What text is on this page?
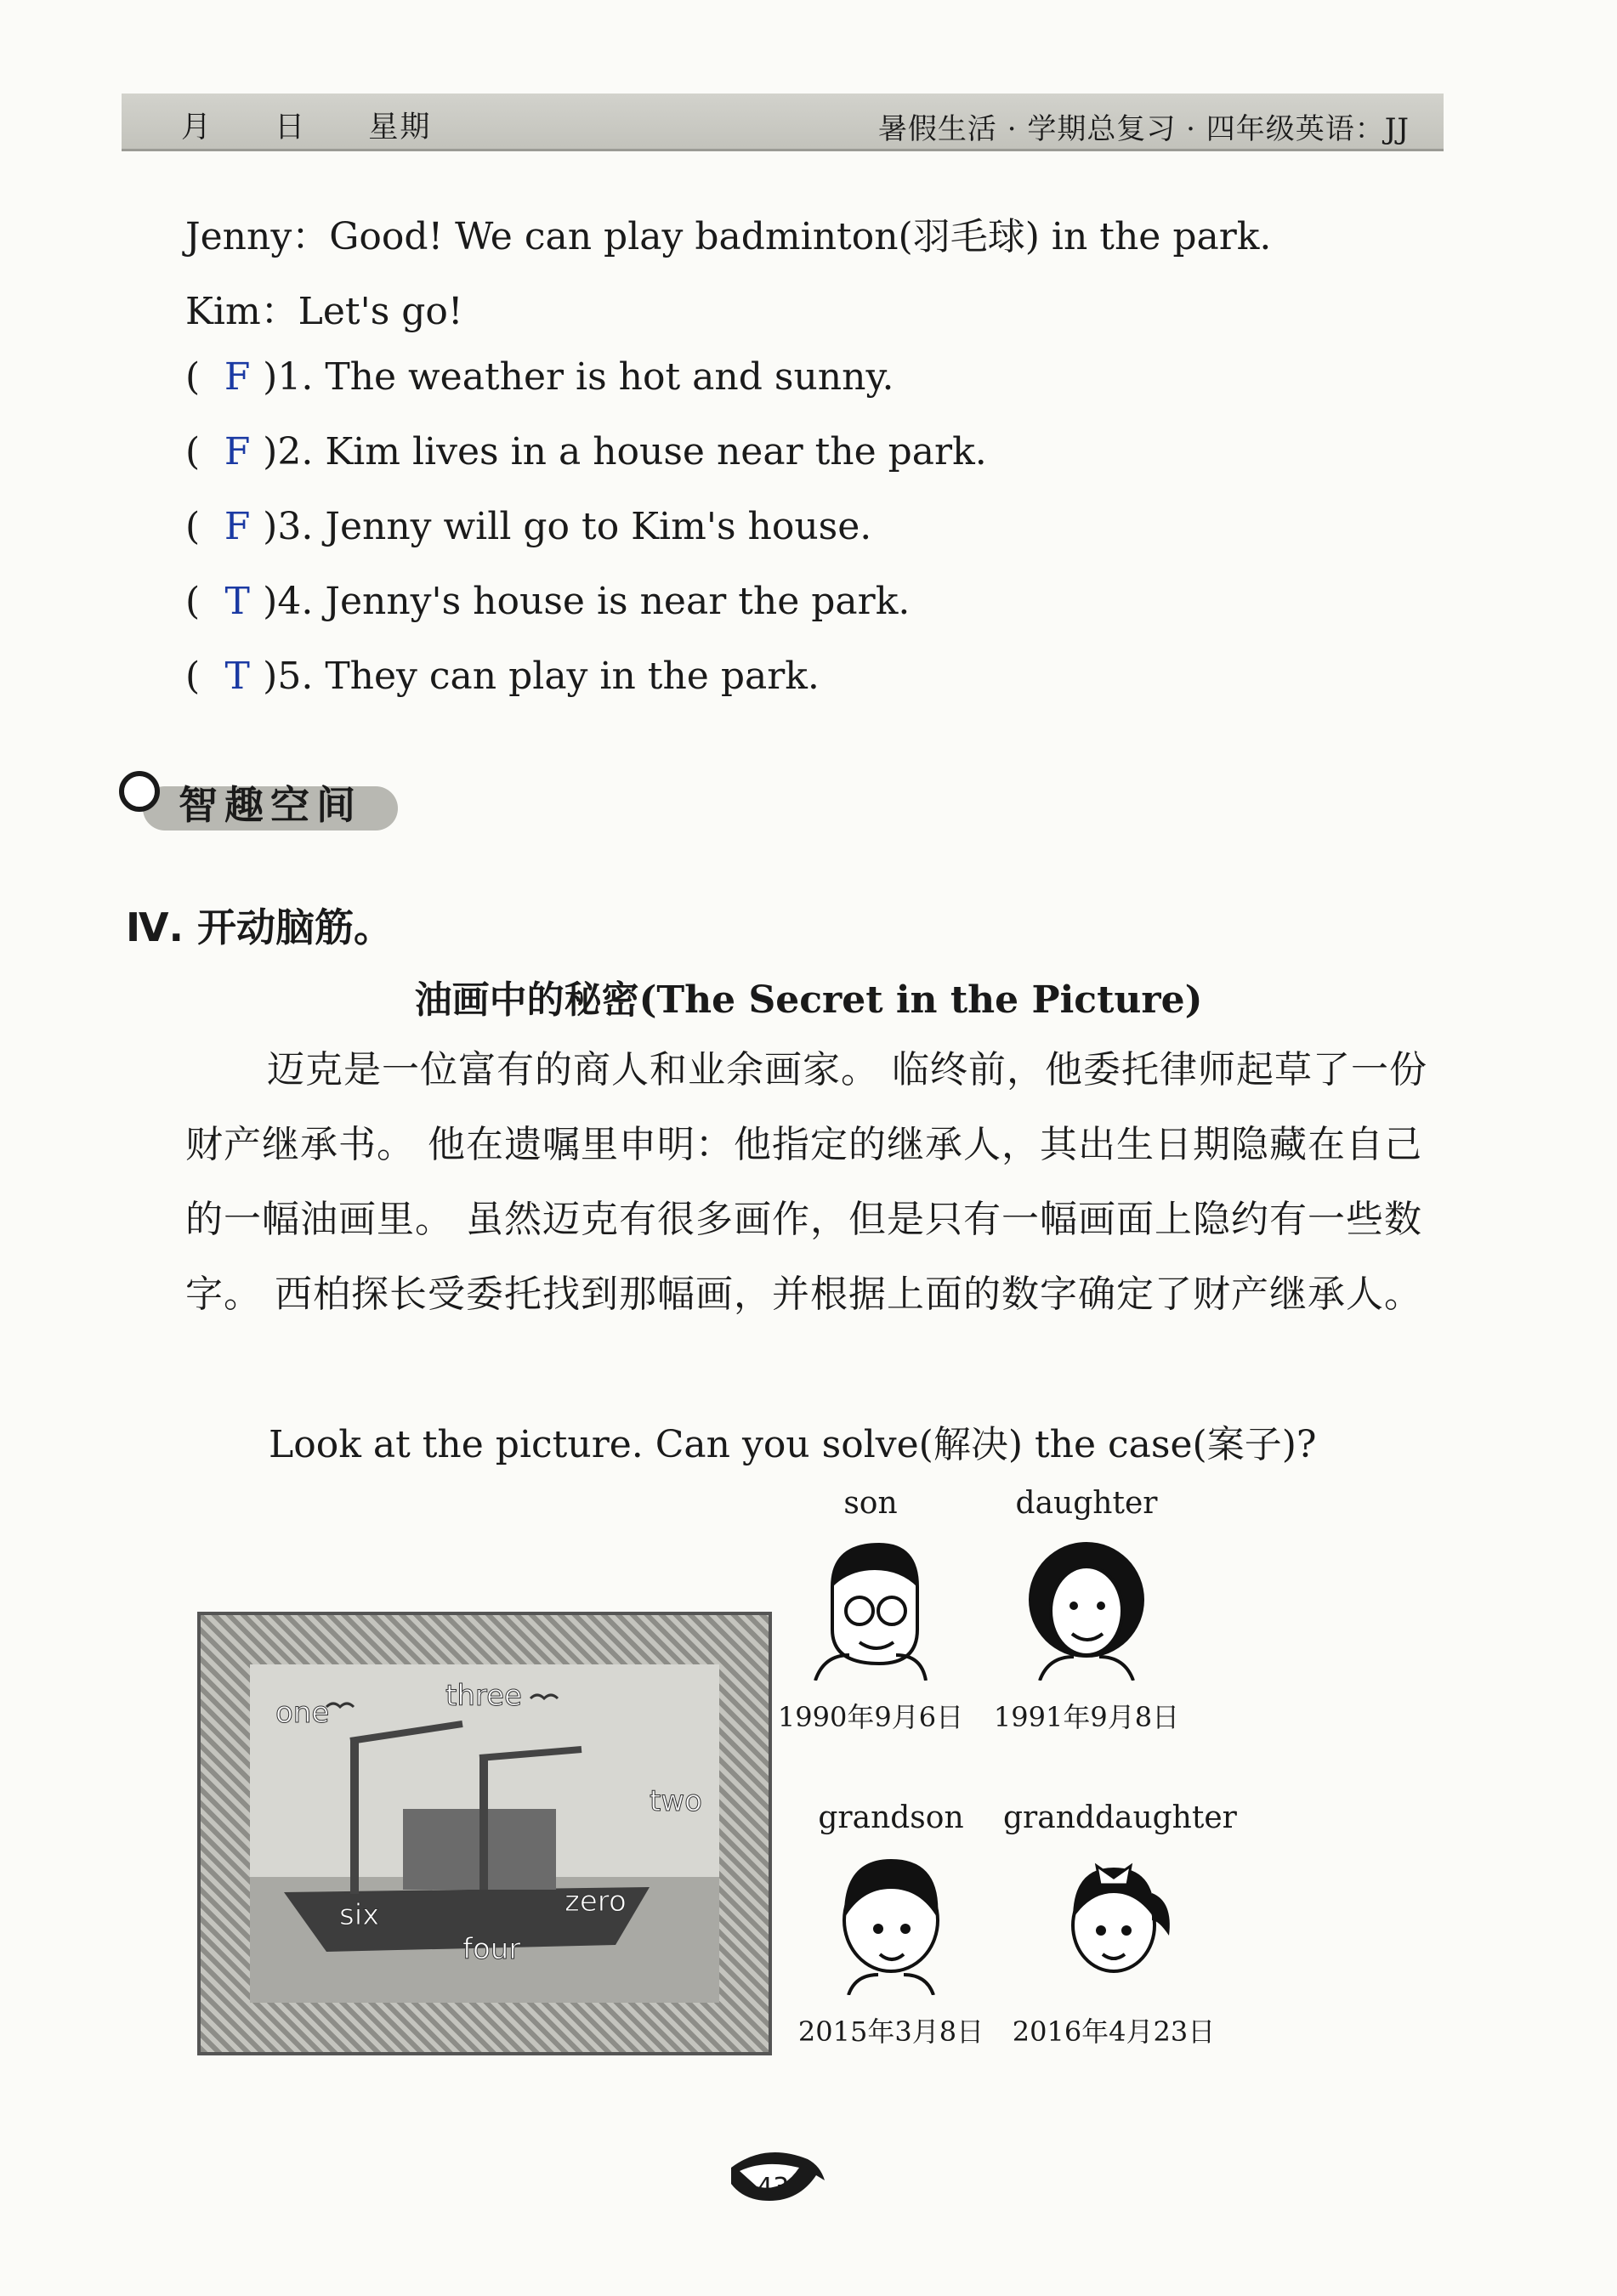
月 日 星期	暑假生活 · 学期总复习 · 四年级英语：JJ
Jenny：Good! We can play badminton(羽毛球) in the park.
Kim：Let's go!
( F )1. The weather is hot and sunny.
( F )2. Kim lives in a house near the park.
( F )3. Jenny will go to Kim's house.
( T )4. Jenny's house is near the park.
( T )5. They can play in the park.
智趣空间
Ⅳ. 开动脑筋。
油画中的秘密(The Secret in the Picture)
迈克是一位富有的商人和业余画家。 临终前，他委托律师起草了一份财产继承书。 他在遗嘱里申明：他指定的继承人，其出生日期隐藏在自己的一幅油画里。 虽然迈克有很多画作，但是只有一幅画面上隐约有一些数字。 西柏探长受委托找到那幅画，并根据上面的数字确定了财产继承人。
Look at the picture. Can you solve(解决) the case(案子)?
one	three
two
six	zero
four
son
1990年9月6日
daughter
1991年9月8日
grandson
2015年3月8日
granddaughter
2016年4月23日
43
